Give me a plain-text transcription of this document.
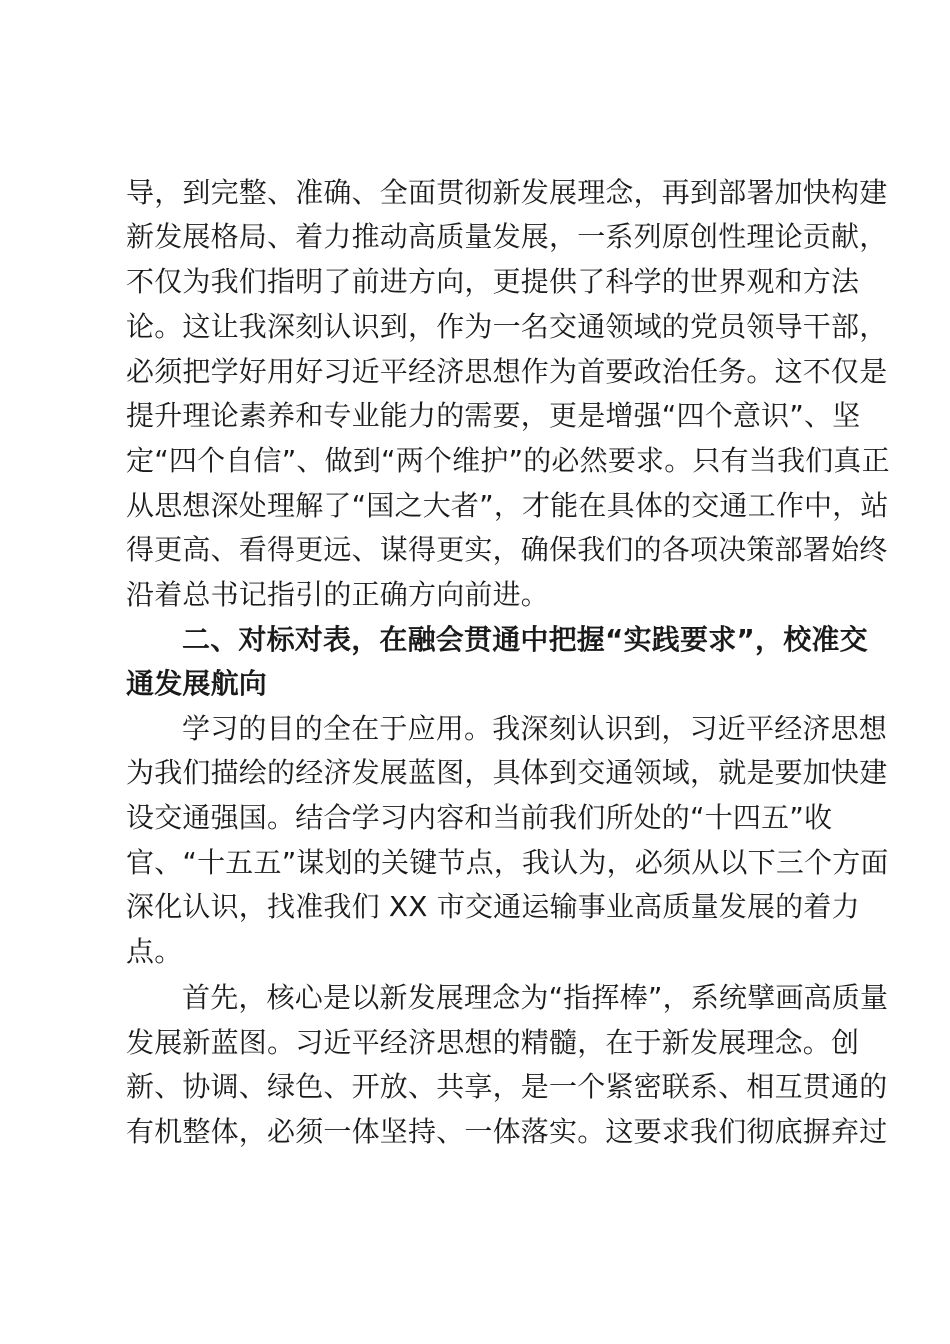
导，到完整、准确、全面贯彻新发展理念，再到部署加快构建
新发展格局、着力推动高质量发展，一系列原创性理论贡献，
不仅为我们指明了前进方向，更提供了科学的世界观和方法
论。这让我深刻认识到，作为一名交通领域的党员领导干部，
必须把学好用好习近平经济思想作为首要政治任务。这不仅是
提升理论素养和专业能力的需要，更是增强“四个意识”、坚
定“四个自信”、做到“两个维护”的必然要求。只有当我们真正
从思想深处理解了“国之大者”，才能在具体的交通工作中，站
得更高、看得更远、谋得更实，确保我们的各项决策部署始终
沿着总书记指引的正确方向前进。
二、对标对表，在融会贯通中把握“实践要求”，校准交
通发展航向
学习的目的全在于应用。我深刻认识到，习近平经济思想
为我们描绘的经济发展蓝图，具体到交通领域，就是要加快建
设交通强国。结合学习内容和当前我们所处的“十四五”收
官、“十五五”谋划的关键节点，我认为，必须从以下三个方面
深化认识，找准我们 XX 市交通运输事业高质量发展的着力
点。
首先，核心是以新发展理念为“指挥棒”，系统擘画高质量
发展新蓝图。习近平经济思想的精髓，在于新发展理念。创
新、协调、绿色、开放、共享，是一个紧密联系、相互贯通的
有机整体，必须一体坚持、一体落实。这要求我们彻底摒弃过
